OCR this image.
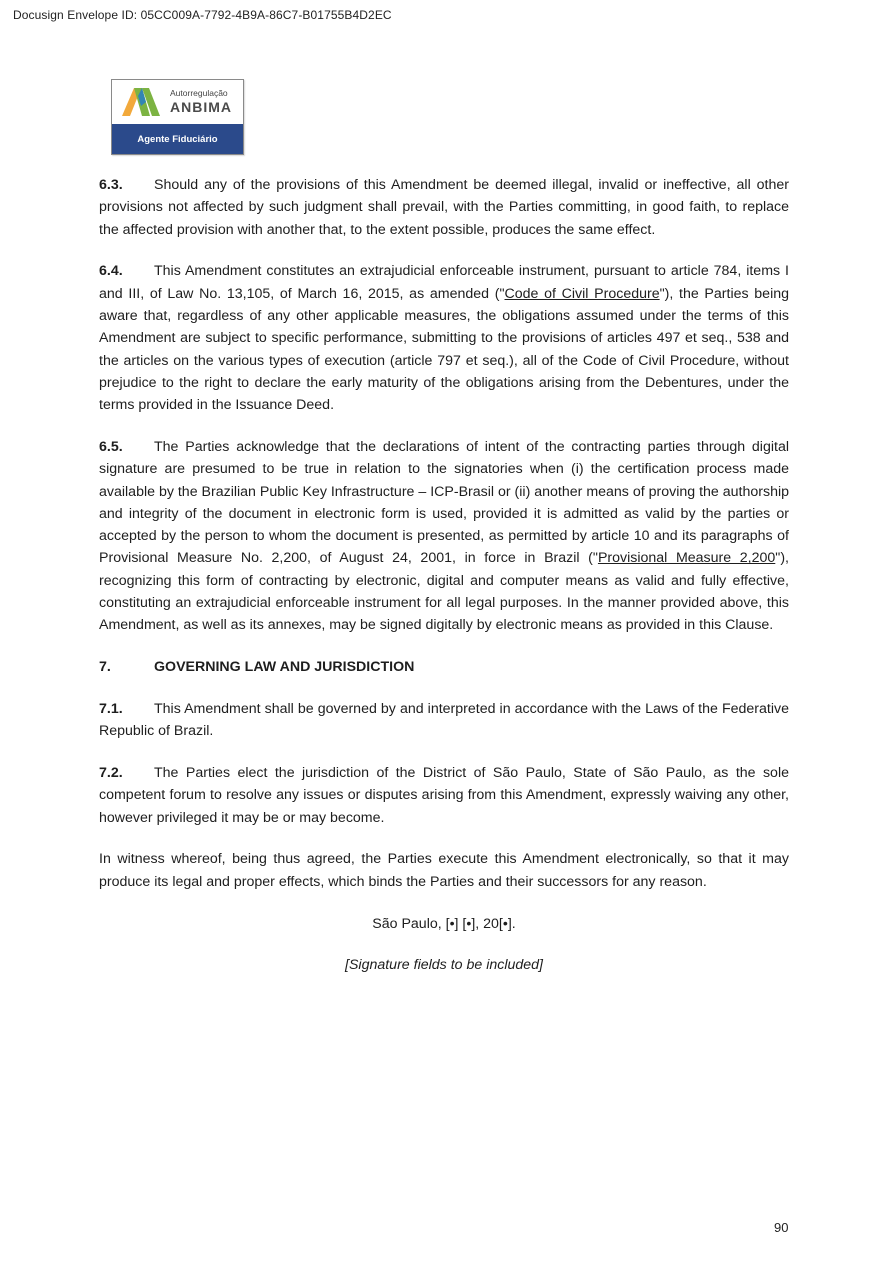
Docusign Envelope ID: 05CC009A-7792-4B9A-86C7-B01755B4D2EC
Autorregulação
ANBIMA
Agente Fiduciário

6.3. Should any of the provisions of this Amendment be deemed illegal, invalid or ineffective, all other provisions not affected by such judgment shall prevail, with the Parties committing, in good faith, to replace the affected provision with another that, to the extent possible, produces the same effect.

6.4. This Amendment constitutes an extrajudicial enforceable instrument, pursuant to article 784, items I and III, of Law No. 13,105, of March 16, 2015, as amended ("Code of Civil Procedure"), the Parties being aware that, regardless of any other applicable measures, the obligations assumed under the terms of this Amendment are subject to specific performance, submitting to the provisions of articles 497 et seq., 538 and the articles on the various types of execution (article 797 et seq.), all of the Code of Civil Procedure, without prejudice to the right to declare the early maturity of the obligations arising from the Debentures, under the terms provided in the Issuance Deed.

6.5. The Parties acknowledge that the declarations of intent of the contracting parties through digital signature are presumed to be true in relation to the signatories when (i) the certification process made available by the Brazilian Public Key Infrastructure – ICP-Brasil or (ii) another means of proving the authorship and integrity of the document in electronic form is used, provided it is admitted as valid by the parties or accepted by the person to whom the document is presented, as permitted by article 10 and its paragraphs of Provisional Measure No. 2,200, of August 24, 2001, in force in Brazil ("Provisional Measure 2,200"), recognizing this form of contracting by electronic, digital and computer means as valid and fully effective, constituting an extrajudicial enforceable instrument for all legal purposes. In the manner provided above, this Amendment, as well as its annexes, may be signed digitally by electronic means as provided in this Clause.

7.	GOVERNING LAW AND JURISDICTION

7.1. This Amendment shall be governed by and interpreted in accordance with the Laws of the Federative Republic of Brazil.

7.2. The Parties elect the jurisdiction of the District of São Paulo, State of São Paulo, as the sole competent forum to resolve any issues or disputes arising from this Amendment, expressly waiving any other, however privileged it may be or may become.

In witness whereof, being thus agreed, the Parties execute this Amendment electronically, so that it may produce its legal and proper effects, which binds the Parties and their successors for any reason.

São Paulo, [•] [•], 20[•].

[Signature fields to be included]

90
